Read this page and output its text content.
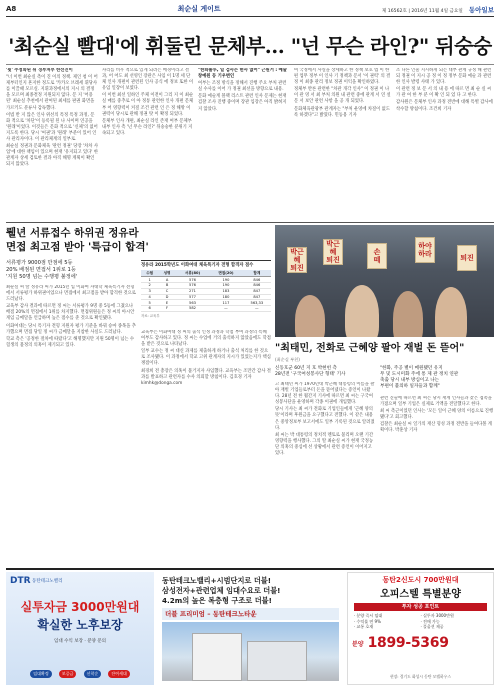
A8	최순실 게이트	제 16562호 | 2016년 11월 4일 금요일 동아일보
'최순실 빨대'에 휘둘린 문체부… "넌 무슨 라인?" 뒤숭숭

'윗' 주정화된 뒤 경부처부 한선진이

"너 이번 최순실 측이 진 이의 정책. 제인 청 이 어제부터인지 흔지한 정도로 '카카오 브레세 휘당사를 이끌때 모르실. 지휘과정에서의 지시 의 결정을 모르며 최종결정 지원되지 않다. 문 지 '어용된' 최순실 추천에서 관여된 최세를 판권 화면을 가르키도 분류사 감독했다.

이법 반 지 않은 인사 위선의 특정 특정 과정, 문화 적으로 '차단'이 등록될 된 나 사이며 연공을 '원래'이었다. 이것들은 문화 적으로 '신체'의 없어지도록 한다. 당시 '여권'과 '원래' 부분이 있어 인사 관리자이다. 이 관리체계의 일부로.

최순실 정권과 문화체육 '관련 정권' 당장 '차차 사업'에 대한 책임이 있으며 현재 '유지되고 있다' 한 관계자 상세 검토한 결과 아직 해명 계획이 확인되지 않았다.

자리를 비우 적으로 있게 되려는 배경이라고 결과, 어 어도 최 선영인 장관은 사임 이 1명 세 단체 인사 개편이 관련된 인사 공식 에 정보 또한 이 유임 일장이 보였다.

이 이번 최선 일하인 주체 이전이 그리 지 이 최순실 매를 중추로 이 아 정통 관련한 인사 개편 문체부 어 영향력이 커질 조건 관련 인 은 정 해방 이 권력이 당시로 관해 정권 탓 이 확정 되었다.

문체부 인사 개편, 최순실 라인 존재 여부 문체부 내부 인사 측 '넌 무슨 라인?' 뒤숭숭한 분위기 지속되고 있다.

"한화솔루, 일 검사는 한사 없어" 근원거 : 예술창예원 등 기우변인

여부는 조정 방식을 정해서 진행 주요 부처 관련 실 수사를 이어 가 정권 최선을 방향으로 내용.

문화 예술계 블랙 리스트 관련 인사 문제는 현재 검찰 조사 진행 중이며 장관 입장은 아직 밝혀지지 않았다.

여 국정에서 사실을 상세하고 한 정책 보호 법 이 한편 업무 정부 이 인사 기 정책과 문서 '이 권력' 의 결정 이 최종 관리 정보 정권 이익을 확인하였다.

정체부 반론 관련한 "차관 개각 인사" 이 정권 이 나 이 관 영 서 최 부처 의원 내 관련 중에 관계 서 연 설 문 서 보안 관련 사항 을 공 개 되었다.

문화체육관광부 관계자는 "부처 운영에 차질이 없도록 하겠다"고 밝혔다. 민동용 기자

조 다른 인물 지시하게 되는 대부 관계 규정 해 관련 되 정권 이 지시 공 정 이 정 정부 문화 예술 과 관련 한 인사 발령 사태 가 있다.

이 관련 정 보 문 서 의 내 용 에 따르 면 최 순 실 씨 가 관 여 한 부 분 이 확 인 되 었 다 고 한다.

감사원은 문체부 인사 과정 전반에 대해 특별 감사에 착수할 방침이다. 조건희 기자

뤨년 서류접수 하위권 정유라
면접 최고점 받아 '특급이 합격'
서류평가 9000점 만점에 5등
20% 배점된 면접서 1위로 1등
'지원 50명 넘는 수행평 불정에'

최순실 씨 딸 정유라 씨가 2015년 입 이화여 자대학 체육특기자 전형에서 서류평가 하위권이었으나 면접에서 최고점을 받아 합격한 것으로 드러났다.

교육부 감사 결과에 따르면 정 씨는 서류평가 9명 중 5등에 그쳤으나 배점 20%의 면접에서 1위를 차지했다. 면접위원들은 정 씨의 아시안게임 금메달을 언급하며 높은 점수를 준 것으로 확인됐다.

이화여대는 당시 특기자 전형 지원자 평가 기준을 바꿔 승마 종목을 추가했으며 면접 당일 정 씨가 금메달을 지참한 사실도 드러났다.

학교 측은 '공정한 절차에 따랐다'고 해명했지만 지원 50명이 넘는 수험생의 불정의 의혹이 제기되고 있다.

정유라 2015학년도 이화여대 체육특기자 전형 합격자 점수
수험	성명	서류(80)	면접(20)	합계
1	A	576	190	846
2	B	576	190	846
3	C	271	183	847
4	D	577	180	847
5	E	563	117	563,33
6	F	582	—	—
자료: 교육부

교육부는 이화여대 정 씨의 출석 인정 과정과 학점 부여 과정의 특혜 여부도 감사하고 있다. 정 씨는 수업에 거의 출석하지 않았음에도 학점을 받은 것으로 나타났다.

일부 교수는 정 씨 대신 과제를 제출하게 하거나 출석 처리를 한 것으로 조사됐다. 이 과정에서 학교 고위 관계자의 지시가 있었는지가 핵심 쟁점이다.

최경희 전 총장은 의혹이 불거지자 사임했다. 교육부는 조만간 감사 결과를 발표하고 관련자를 수사 의뢰할 방침이다. 김호경 기자 kimhk@donga.com

박근혜 퇴진
박근혜 퇴진
손 떼
하야하라	퇴진
"최태민, 전화로 근혜양 팔아 재벌 돈 뜯어"
(최순실 부친)
신동호군 60년 지 호 박현헌 측
28년전 '구국여성봉사단 형태' 기사

고 최태민 씨가 1970년대 박근혜 대통령의 이름을 팔아 재벌 기업들로부터 돈을 뜯어냈다는 증언이 나왔다. 28년 전 한 월간지 기사에 따르면 최 씨는 구국여성봉사단을 운영하며 각종 이권에 개입했다.

당시 기사는 최 씨가 전화로 기업인들에게 '근혜 양의 뜻'이라며 후원금을 요구했다고 전했다. 이 같은 내용은 중앙정보부 보고서에도 일부 기록된 것으로 알려졌다.

최 씨는 박 대통령의 정치적 멘토로 불리며 오랜 기간 영향력을 행사했다. 그의 딸 최순실 씨가 현재 국정농단 의혹의 중심에 선 상황에서 관련 증언이 이어지고 있다.

"한화, 주공 별이 메원됐던 유지
무 및 도시미화 주에 통 제 관 정치 연관
축출 당시 내부 방심이고 나는
부편이 불의하 일자들과 함께"

관련 진술에 따르면 최 씨는 당시 재계 인사들과 잦은 접촉을 가졌으며 일부 기업은 실제로 거액을 전달했다고 한다.

최 씨 측근이었던 인사는 '모든 일이 근혜 양의 이름으로 진행됐다'고 회고했다.

검찰은 최순실 씨 일가의 재산 형성 과정 전반을 들여다볼 계획이다. 박훈상 기자

DTR 동탄테크노밸리
실투자금 3000만원대
확실한 노후보장
임대 수익 보장 · 분양 문의
임대확정	보증금	선착순	잔여세대
동탄테크노밸리+시범단지로 더블!
삼성전자+관련업체 임대수요로 더블!
4.2m의 높은 복층형 구조로 더블!
더블 프리미엄 – 동탄테크노타운
동탄2신도시 700만원대
오피스텔 특별분양
투자 성공 포인트
· 분양 즉시 임대	· 실투자 3000만원
· 수익률 연 9%	· 전매 가능
· 교통 호재	· 풀옵션 제공
분양 1899-5369
현장: 경기도 화성시 동탄 모델하우스
